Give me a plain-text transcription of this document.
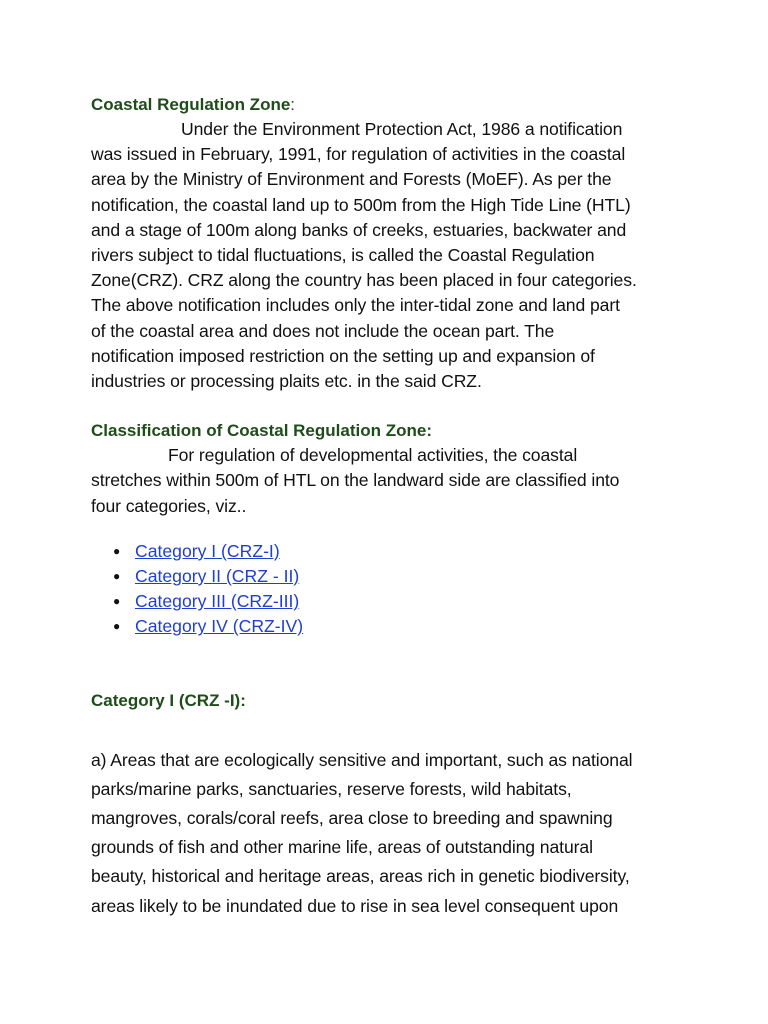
Coastal Regulation Zone:

Under the Environment Protection Act, 1986 a notification

was issued in February, 1991, for regulation of activities in the coastal

area by the Ministry of Environment and Forests (MoEF). As per the

notification, the coastal land up to 500m from the High Tide Line (HTL)

and a stage of 100m along banks of creeks, estuaries, backwater and

rivers subject to tidal fluctuations, is called the Coastal Regulation

Zone(CRZ). CRZ along the country has been placed in four categories.

The above notification includes only the inter-tidal zone and land part

of the coastal area and does not include the ocean part. The

notification imposed restriction on the setting up and expansion of

industries or processing plaits etc. in the said CRZ.

Classification of Coastal Regulation Zone:

For regulation of developmental activities, the coastal

stretches within 500m of HTL on the landward side are classified into

four categories, viz..

● Category I (CRZ-I)
● Category II (CRZ - II)
● Category III (CRZ-III)
● Category IV (CRZ-IV)

Category I (CRZ -I):

a) Areas that are ecologically sensitive and important, such as national

parks/marine parks, sanctuaries, reserve forests, wild habitats,

mangroves, corals/coral reefs, area close to breeding and spawning

grounds of fish and other marine life, areas of outstanding natural

beauty, historical and heritage areas, areas rich in genetic biodiversity,

areas likely to be inundated due to rise in sea level consequent upon
